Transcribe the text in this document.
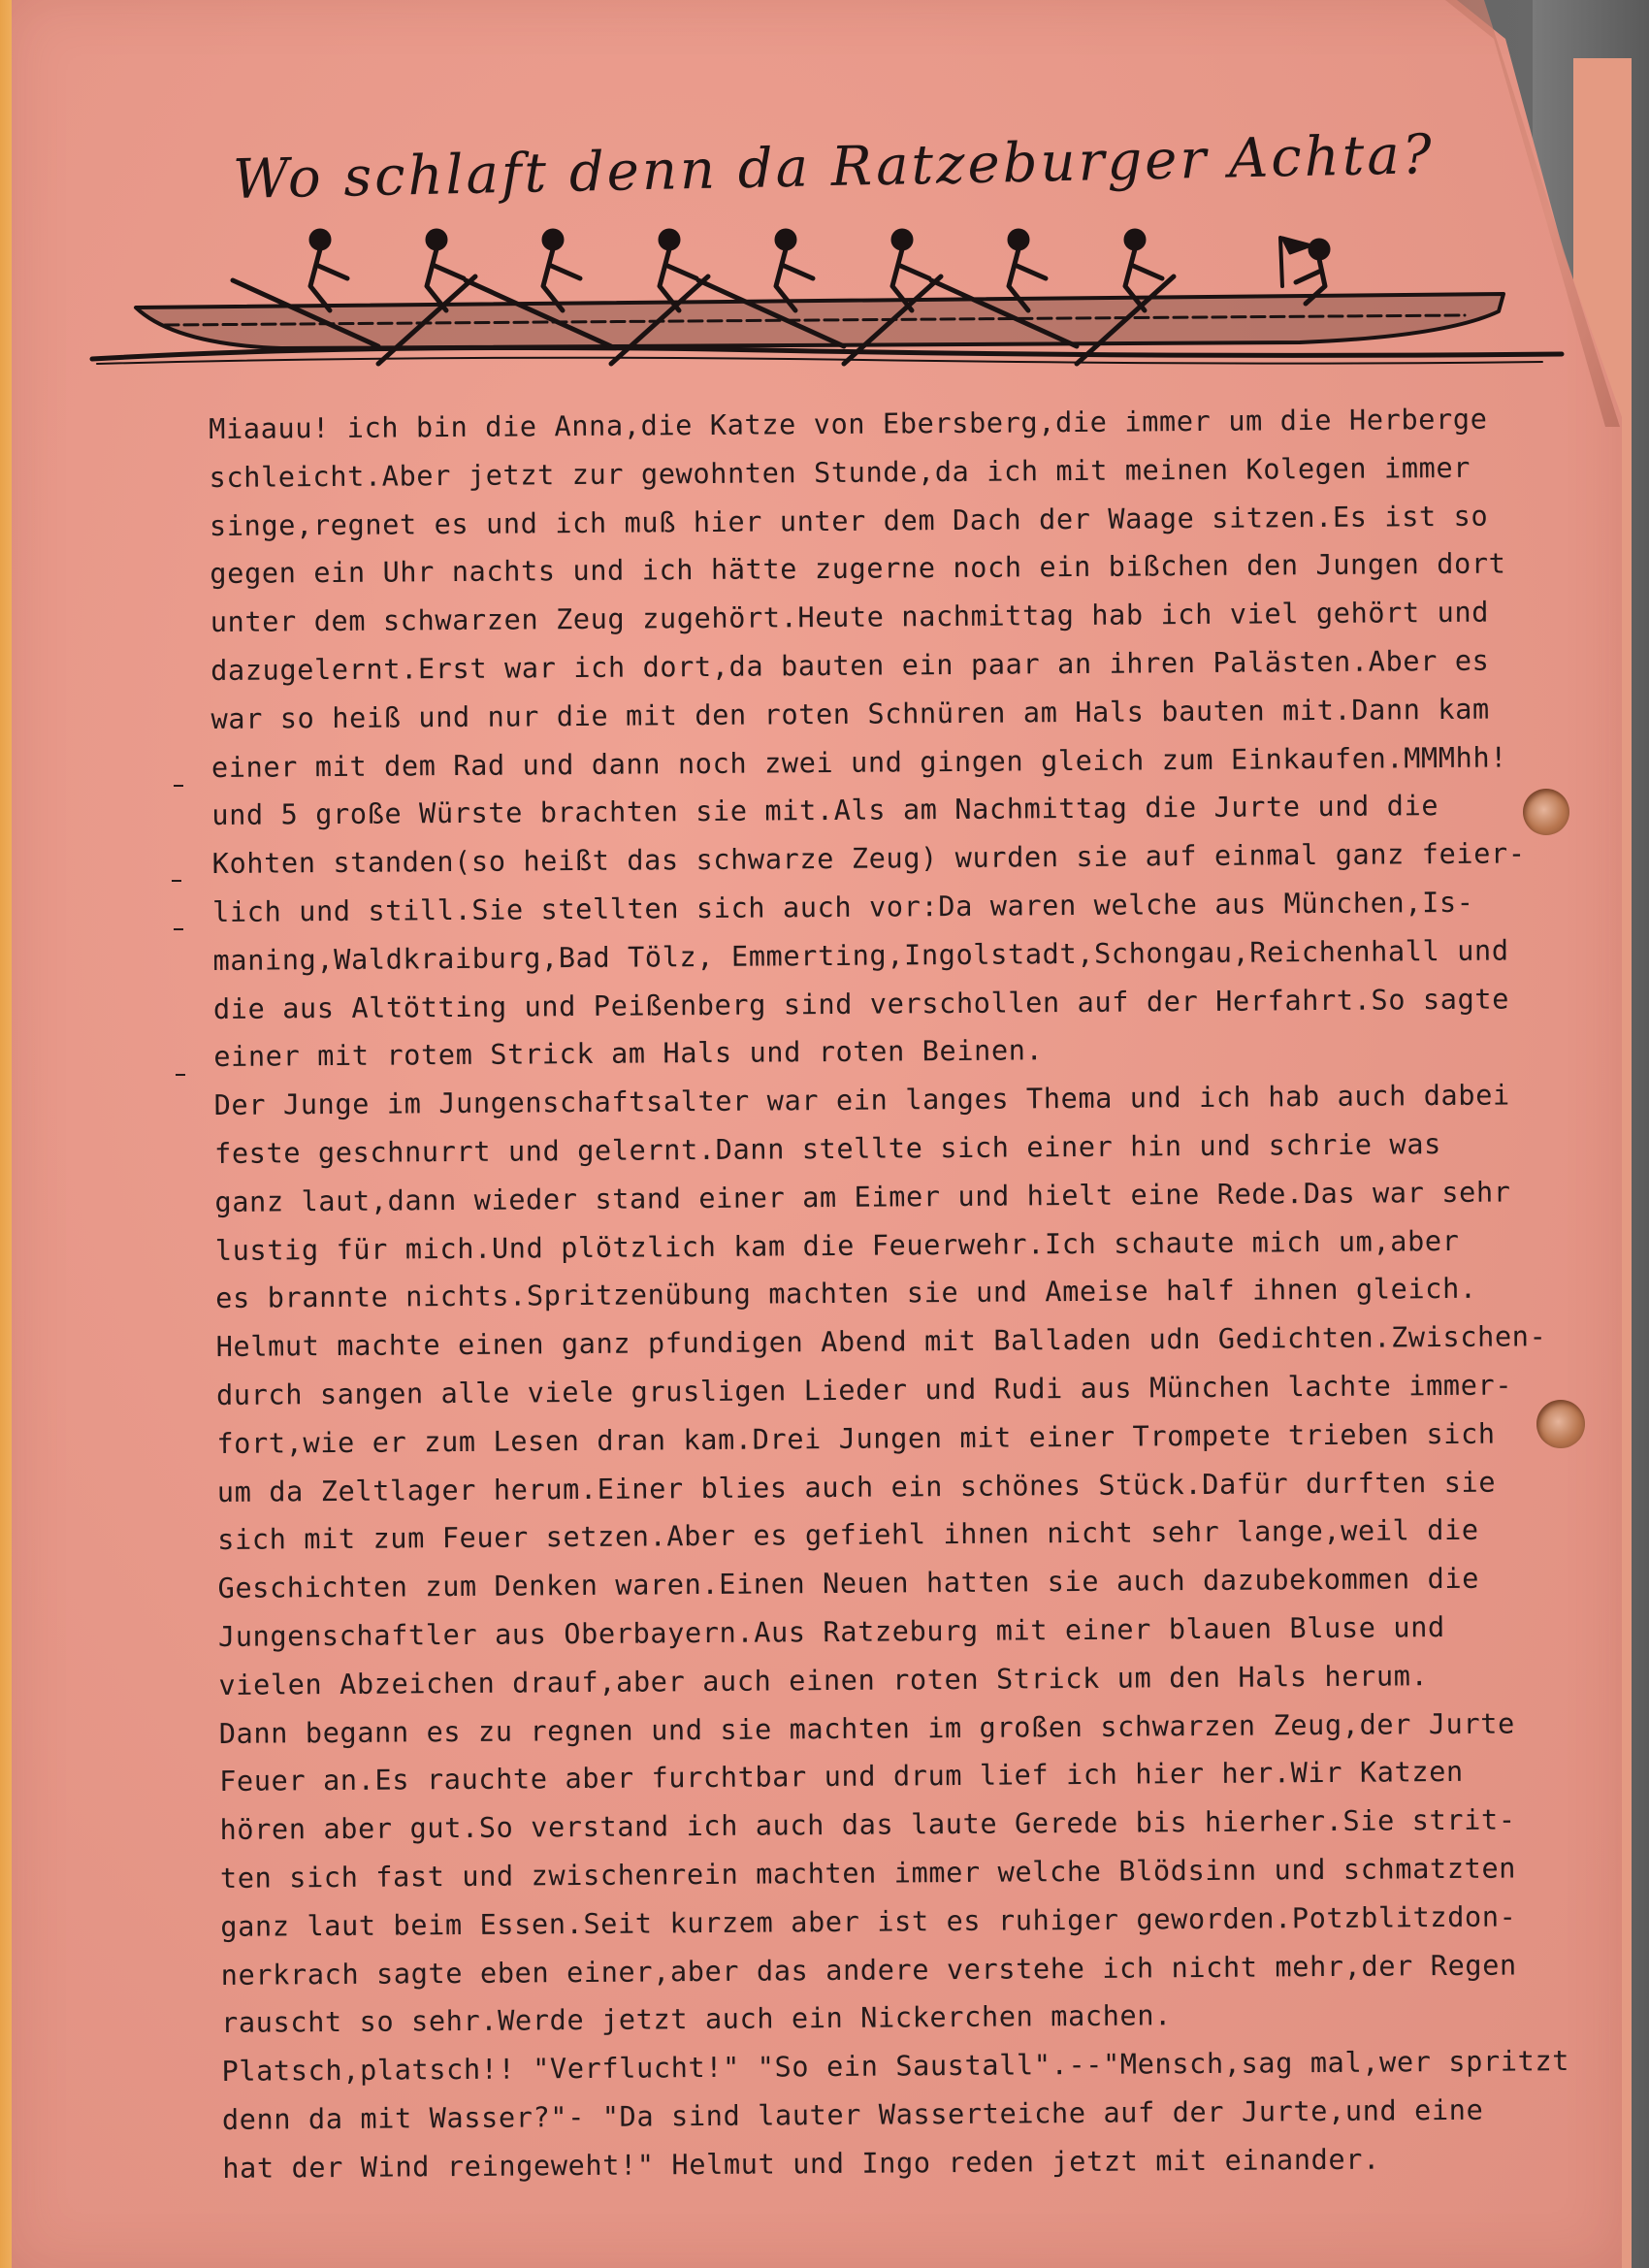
Wo schlaft denn da Ratzeburger Achta?
Miaauu! ich bin die Anna,die Katze von Ebersberg,die immer um die Herberge
schleicht.Aber jetzt zur gewohnten Stunde,da ich mit meinen Kolegen immer
singe,regnet es und ich muß hier unter dem Dach der Waage sitzen.Es ist so
gegen ein Uhr nachts und ich hätte zugerne noch ein bißchen den Jungen dort
unter dem schwarzen Zeug zugehört.Heute nachmittag hab ich viel gehört und
dazugelernt.Erst war ich dort,da bauten ein paar an ihren Palästen.Aber es
war so heiß und nur die mit den roten Schnüren am Hals bauten mit.Dann kam
einer mit dem Rad und dann noch zwei und gingen gleich zum Einkaufen.MMMhh!
und 5 große Würste brachten sie mit.Als am Nachmittag die Jurte und die
Kohten standen(so heißt das schwarze Zeug) wurden sie auf einmal ganz feier-
lich und still.Sie stellten sich auch vor:Da waren welche aus München,Is-
maning,Waldkraiburg,Bad Tölz, Emmerting,Ingolstadt,Schongau,Reichenhall und
die aus Altötting und Peißenberg sind verschollen auf der Herfahrt.So sagte
einer mit rotem Strick am Hals und roten Beinen.
Der Junge im Jungenschaftsalter war ein langes Thema und ich hab auch dabei
feste geschnurrt und gelernt.Dann stellte sich einer hin und schrie was
ganz laut,dann wieder stand einer am Eimer und hielt eine Rede.Das war sehr
lustig für mich.Und plötzlich kam die Feuerwehr.Ich schaute mich um,aber
es brannte nichts.Spritzenübung machten sie und Ameise half ihnen gleich.
Helmut machte einen ganz pfundigen Abend mit Balladen udn Gedichten.Zwischen-
durch sangen alle viele grusligen Lieder und Rudi aus München lachte immer-
fort,wie er zum Lesen dran kam.Drei Jungen mit einer Trompete trieben sich
um da Zeltlager herum.Einer blies auch ein schönes Stück.Dafür durften sie
sich mit zum Feuer setzen.Aber es gefiehl ihnen nicht sehr lange,weil die
Geschichten zum Denken waren.Einen Neuen hatten sie auch dazubekommen die
Jungenschaftler aus Oberbayern.Aus Ratzeburg mit einer blauen Bluse und
vielen Abzeichen drauf,aber auch einen roten Strick um den Hals herum.
Dann begann es zu regnen und sie machten im großen schwarzen Zeug,der Jurte
Feuer an.Es rauchte aber furchtbar und drum lief ich hier her.Wir Katzen
hören aber gut.So verstand ich auch das laute Gerede bis hierher.Sie strit-
ten sich fast und zwischenrein machten immer welche Blödsinn und schmatzten
ganz laut beim Essen.Seit kurzem aber ist es ruhiger geworden.Potzblitzdon-
nerkrach sagte eben einer,aber das andere verstehe ich nicht mehr,der Regen
rauscht so sehr.Werde jetzt auch ein Nickerchen machen.
Platsch,platsch!! "Verflucht!" "So ein Saustall".--"Mensch,sag mal,wer spritzt
denn da mit Wasser?"- "Da sind lauter Wasserteiche auf der Jurte,und eine
hat der Wind reingeweht!" Helmut und Ingo reden jetzt mit einander.
